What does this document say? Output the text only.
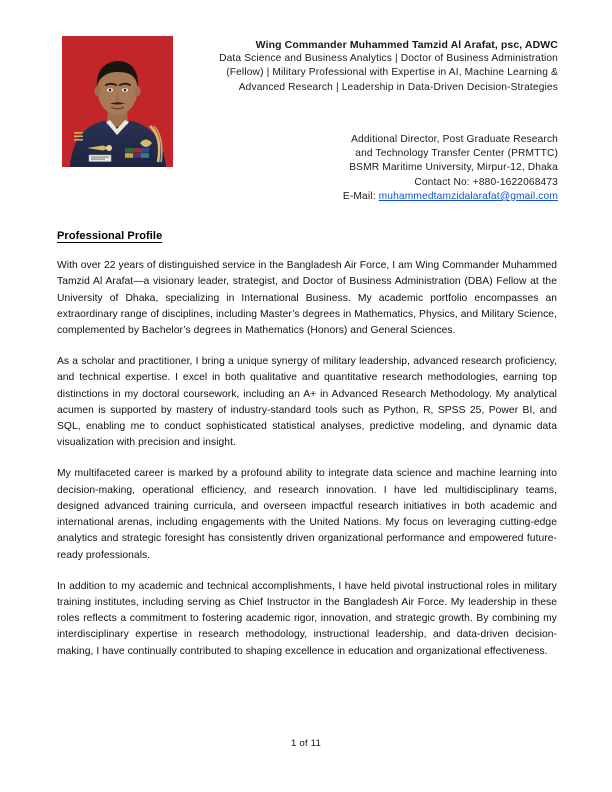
Wing Commander Muhammed Tamzid Al Arafat, psc, ADWC
Data Science and Business Analytics | Doctor of Business Administration (Fellow) | Military Professional with Expertise in AI, Machine Learning & Advanced Research | Leadership in Data-Driven Decision-Strategies
Additional Director, Post Graduate Research
and Technology Transfer Center (PRMTTC)
BSMR Maritime University, Mirpur-12, Dhaka
Contact No: +880-1622068473
E-Mail: muhammedtamzidalarafat@gmail.com
Professional Profile

With over 22 years of distinguished service in the Bangladesh Air Force, I am Wing Commander Muhammed Tamzid Al Arafat—a visionary leader, strategist, and Doctor of Business Administration (DBA) Fellow at the University of Dhaka, specializing in International Business. My academic portfolio encompasses an extraordinary range of disciplines, including Master’s degrees in Mathematics, Physics, and Military Science, complemented by Bachelor’s degrees in Mathematics (Honors) and General Sciences.

As a scholar and practitioner, I bring a unique synergy of military leadership, advanced research proficiency, and technical expertise. I excel in both qualitative and quantitative research methodologies, earning top distinctions in my doctoral coursework, including an A+ in Advanced Research Methodology. My analytical acumen is supported by mastery of industry-standard tools such as Python, R, SPSS 25, Power BI, and SQL, enabling me to conduct sophisticated statistical analyses, predictive modeling, and dynamic data visualization with precision and insight.

My multifaceted career is marked by a profound ability to integrate data science and machine learning into decision-making, operational efficiency, and research innovation. I have led multidisciplinary teams, designed advanced training curricula, and overseen impactful research initiatives in both academic and international arenas, including engagements with the United Nations. My focus on leveraging cutting-edge analytics and strategic foresight has consistently driven organizational performance and empowered future-ready professionals.

In addition to my academic and technical accomplishments, I have held pivotal instructional roles in military training institutes, including serving as Chief Instructor in the Bangladesh Air Force. My leadership in these roles reflects a commitment to fostering academic rigor, innovation, and strategic growth. By combining my interdisciplinary expertise in research methodology, instructional leadership, and data-driven decision-making, I have continually contributed to shaping excellence in education and organizational effectiveness.

1 of 11
